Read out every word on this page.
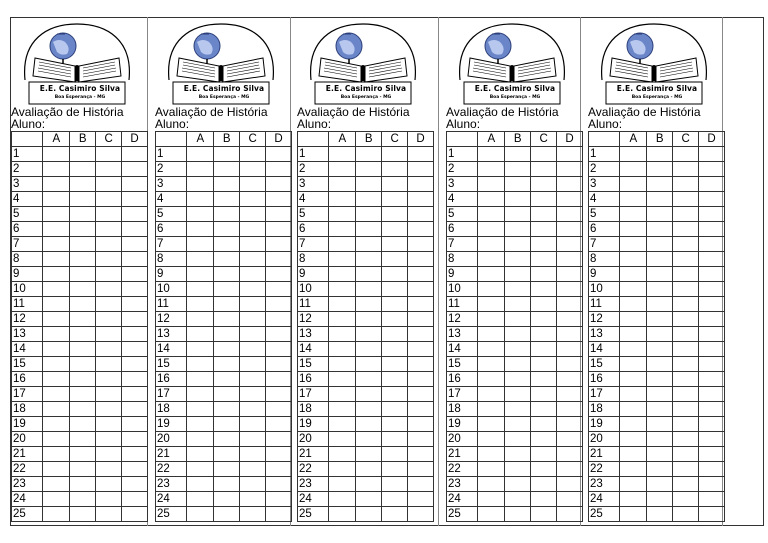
E.E. Casimiro Silva
Boa Esperança - MG
Avaliação de História
Aluno:
	A	B	C	D
1				
2				
3				
4				
5				
6				
7				
8				
9				
10				
11				
12				
13				
14				
15				
16				
17				
18				
19				
20				
21				
22				
23				
24				
25				
E.E. Casimiro Silva
Boa Esperança - MG
Avaliação de História
Aluno:
	A	B	C	D
1				
2				
3				
4				
5				
6				
7				
8				
9				
10				
11				
12				
13				
14				
15				
16				
17				
18				
19				
20				
21				
22				
23				
24				
25				
E.E. Casimiro Silva
Boa Esperança - MG
Avaliação de História
Aluno:
	A	B	C	D
1				
2				
3				
4				
5				
6				
7				
8				
9				
10				
11				
12				
13				
14				
15				
16				
17				
18				
19				
20				
21				
22				
23				
24				
25				
E.E. Casimiro Silva
Boa Esperança - MG
Avaliação de História
Aluno:
	A	B	C	D
1				
2				
3				
4				
5				
6				
7				
8				
9				
10				
11				
12				
13				
14				
15				
16				
17				
18				
19				
20				
21				
22				
23				
24				
25				
E.E. Casimiro Silva
Boa Esperança - MG
Avaliação de História
Aluno:
	A	B	C	D
1				
2				
3				
4				
5				
6				
7				
8				
9				
10				
11				
12				
13				
14				
15				
16				
17				
18				
19				
20				
21				
22				
23				
24				
25				
